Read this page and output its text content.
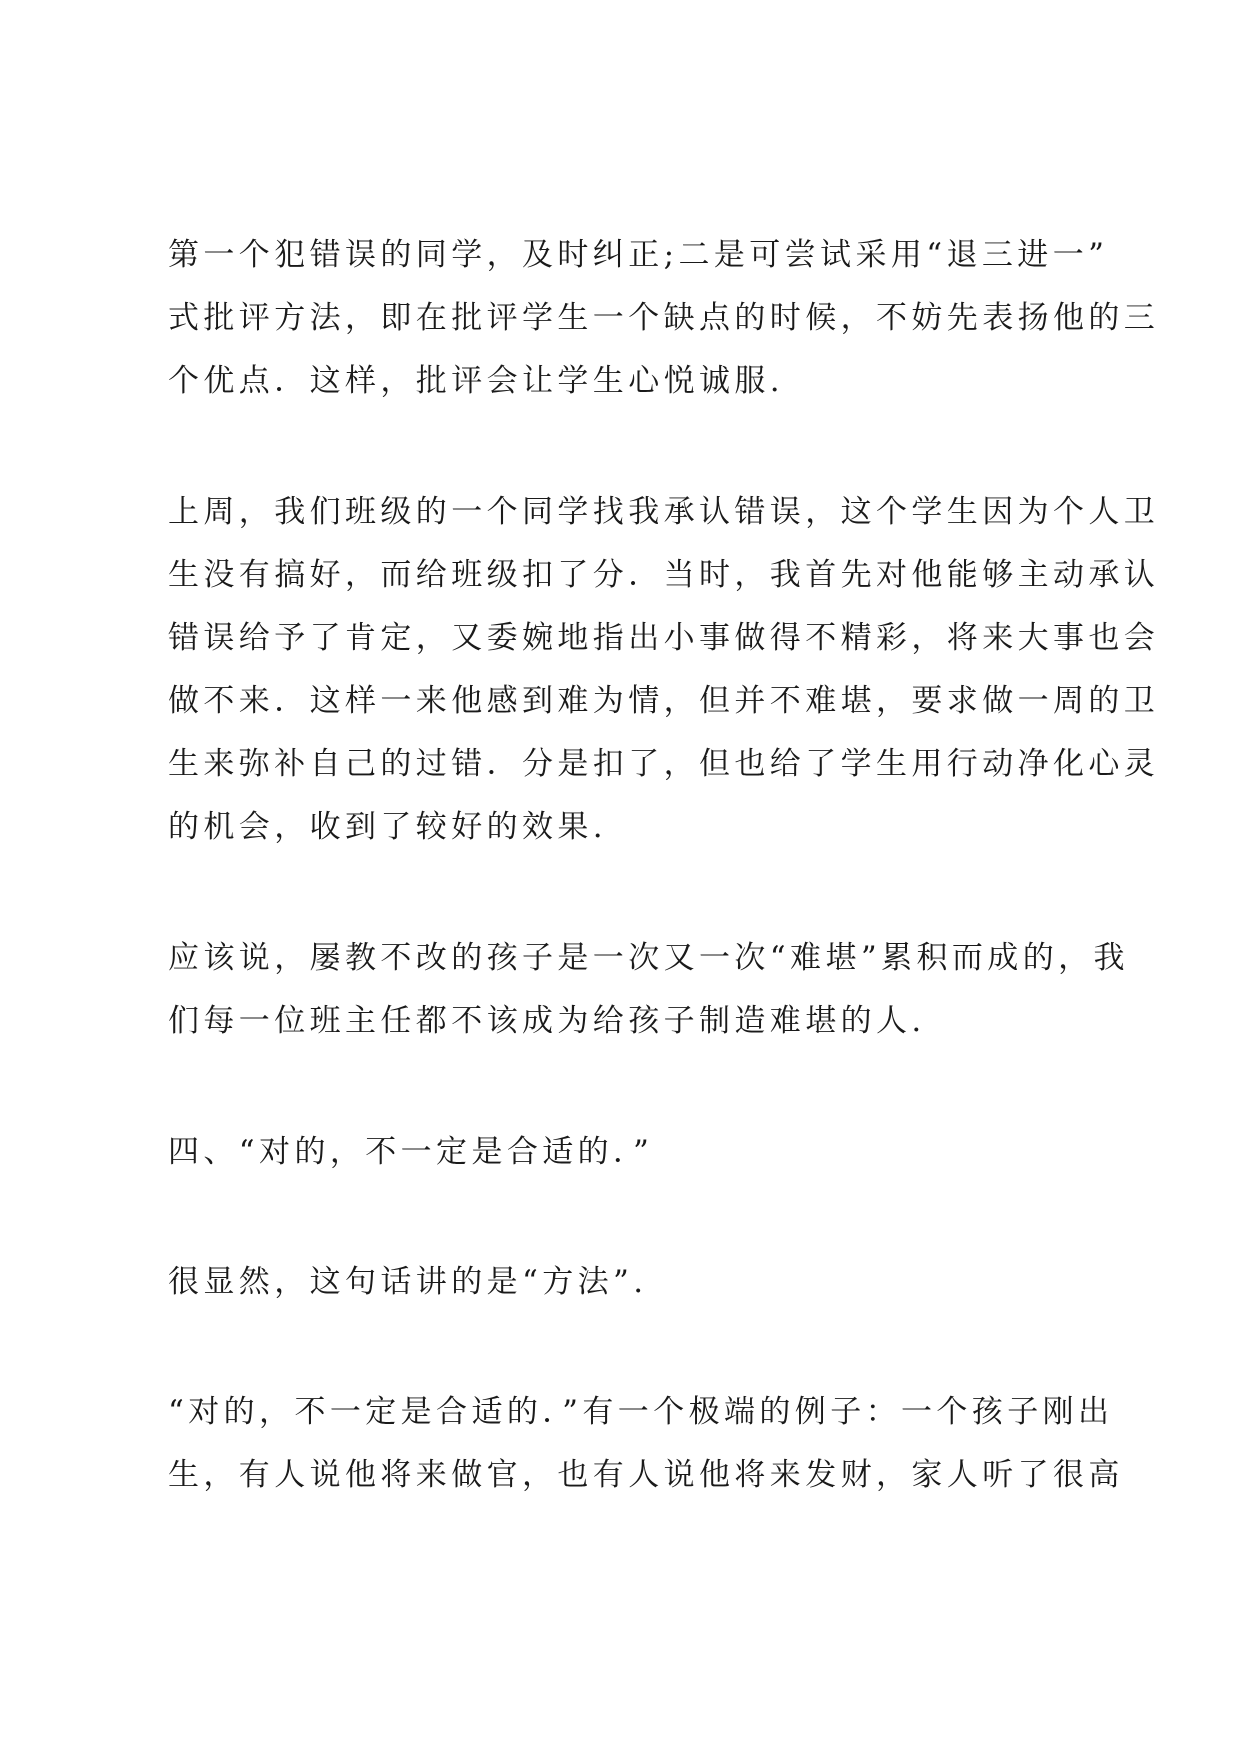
第一个犯错误的同学，及时纠正;二是可尝试采用“退三进一”
式批评方法，即在批评学生一个缺点的时候，不妨先表扬他的三
个优点．这样，批评会让学生心悦诚服.
上周，我们班级的一个同学找我承认错误，这个学生因为个人卫
生没有搞好，而给班级扣了分．当时，我首先对他能够主动承认
错误给予了肯定，又委婉地指出小事做得不精彩，将来大事也会
做不来．这样一来他感到难为情，但并不难堪，要求做一周的卫
生来弥补自己的过错．分是扣了，但也给了学生用行动净化心灵
的机会，收到了较好的效果.
应该说，屡教不改的孩子是一次又一次“难堪”累积而成的，我
们每一位班主任都不该成为给孩子制造难堪的人.
四、“对的，不一定是合适的．”
很显然，这句话讲的是“方法”.
“对的，不一定是合适的．”有一个极端的例子：一个孩子刚出
生，有人说他将来做官，也有人说他将来发财，家人听了很高
